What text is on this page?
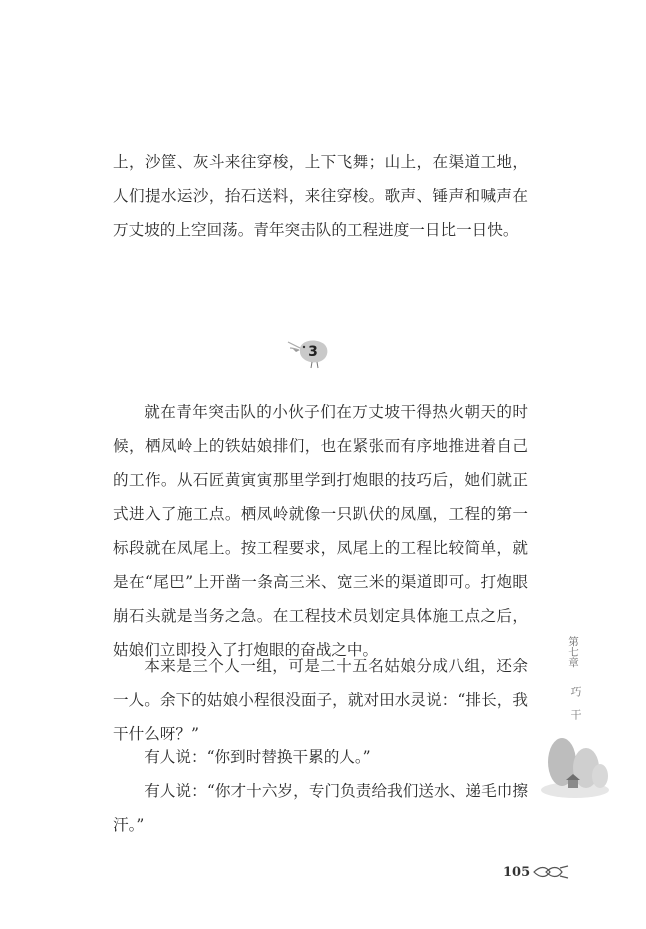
上，沙筐、灰斗来往穿梭，上下飞舞；山上，在渠道工地，人们提水运沙，抬石送料，来往穿梭。歌声、锤声和喊声在万丈坡的上空回荡。青年突击队的工程进度一日比一日快。

3

就在青年突击队的小伙子们在万丈坡干得热火朝天的时候，栖凤岭上的铁姑娘排们，也在紧张而有序地推进着自己的工作。从石匠黄寅寅那里学到打炮眼的技巧后，她们就正式进入了施工点。栖凤岭就像一只趴伏的凤凰，工程的第一标段就在凤尾上。按工程要求，凤尾上的工程比较简单，就是在“尾巴”上开凿一条高三米、宽三米的渠道即可。打炮眼崩石头就是当务之急。在工程技术员划定具体施工点之后，姑娘们立即投入了打炮眼的奋战之中。

本来是三个人一组，可是二十五名姑娘分成八组，还余一人。余下的姑娘小程很没面子，就对田水灵说：“排长，我干什么呀？”

有人说：“你到时替换干累的人。”

有人说：“你才十六岁，专门负责给我们送水、递毛巾擦汗。”

第七章
巧干
105
